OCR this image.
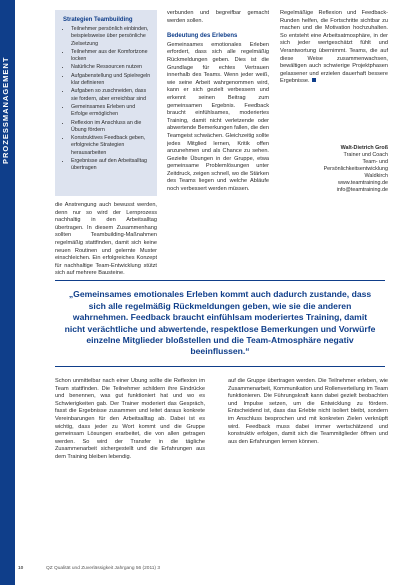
PROZESSMANAGEMENT
Strategien Teambuilding
• Teilnehmer persönlich einbinden, beispielsweise über persönliche Zielsetzung
• Teilnehmer aus der Komfortzone locken
• Natürliche Ressourcen nutzen
• Aufgabenstellung und Spielregeln klar definieren
• Aufgaben so zuschneiden, dass sie fordern, aber erreichbar sind
• Gemeinsames Erleben und Erfolge ermöglichen
• Reflexion im Anschluss an die Übung fördern
• Konstruktives Feedback geben, erfolgreiche Strategien herausarbeiten
• Ergebnisse auf den Arbeitsalltag übertragen

die Anstrengung auch bewusst werden, denn nur so wird der Lernprozess nachhaltig in den Arbeitsalltag übertragen. In diesem Zusammenhang sollten Teambuilding-Maßnahmen regelmäßig stattfinden, damit sich keine neuen Routinen und gelernte Muster einschleichen. Ein erfolgreiches Konzept für nachhaltige Team-Entwicklung stützt sich auf mehrere Bausteine.

verbunden und begreifbar gemacht werden sollen.

Bedeutung des Erlebens

Gemeinsames emotionales Erleben erfordert, dass sich alle regelmäßig Rückmeldungen geben. Dies ist die Grundlage für echtes Vertrauen innerhalb des Teams. Wenn jeder weiß, wie seine Arbeit wahrgenommen wird, kann er sich gezielt verbessern und erkennt seinen Beitrag zum gemeinsamen Ergebnis. Feedback braucht einfühlsames, moderiertes Training, damit nicht verletzende oder abwertende Bemerkungen fallen, die den Teamgeist schwächen. Gleichzeitig sollte jedes Mitglied lernen, Kritik offen anzunehmen und als Chance zu sehen. Gezielte Übungen in der Gruppe, etwa gemeinsame Problemlösungen unter Zeitdruck, zeigen schnell, wo die Stärken des Teams liegen und welche Abläufe noch verbessert werden müssen.

Regelmäßige Reflexion und Feedback-Runden helfen, die Fortschritte sichtbar zu machen und die Motivation hochzuhalten. So entsteht eine Arbeitsatmosphäre, in der sich jeder wertgeschätzt fühlt und Verantwortung übernimmt. Teams, die auf diese Weise zusammenwachsen, bewältigen auch schwierige Projektphasen gelassener und erzielen dauerhaft bessere Ergebnisse.

Walt-Dietrich Groß
Trainer und Coach
Team- und Persönlichkeitsentwicklung
Waldkirch
www.teamtraining.de
info@teamtraining.de

„Gemeinsames emotionales Erleben kommt auch dadurch zustande, dass sich alle regelmäßig Rückmeldungen geben, wie sie die anderen wahrnehmen. Feedback braucht einfühlsam moderiertes Training, damit nicht verächtliche und abwertende, respektlose Bemerkungen und Vorwürfe einzelne Mitglieder bloßstellen und die Team-Atmosphäre negativ beeinflussen.“

Schon unmittelbar nach einer Übung sollte die Reflexion im Team stattfinden. Die Teilnehmer schildern ihre Eindrücke und benennen, was gut funktioniert hat und wo es Schwierigkeiten gab. Der Trainer moderiert das Gespräch, fasst die Ergebnisse zusammen und leitet daraus konkrete Vereinbarungen für den Arbeitsalltag ab. Dabei ist es wichtig, dass jeder zu Wort kommt und die Gruppe gemeinsam Lösungen erarbeitet, die von allen getragen werden. So wird der Transfer in die tägliche Zusammenarbeit sichergestellt und die Erfahrungen aus dem Training bleiben lebendig.

auf die Gruppe übertragen werden. Die Teilnehmer erleben, wie Zusammenarbeit, Kommunikation und Rollenverteilung im Team funktionieren. Die Führungskraft kann dabei gezielt beobachten und Impulse setzen, um die Entwicklung zu fördern. Entscheidend ist, dass das Erlebte nicht isoliert bleibt, sondern im Anschluss besprochen und mit konkreten Zielen verknüpft wird. Feedback muss dabei immer wertschätzend und konstruktiv erfolgen, damit sich die Teammitglieder öffnen und aus den Erfahrungen lernen können.

10	QZ Qualität und Zuverlässigkeit Jahrgang 56 (2011) 3
